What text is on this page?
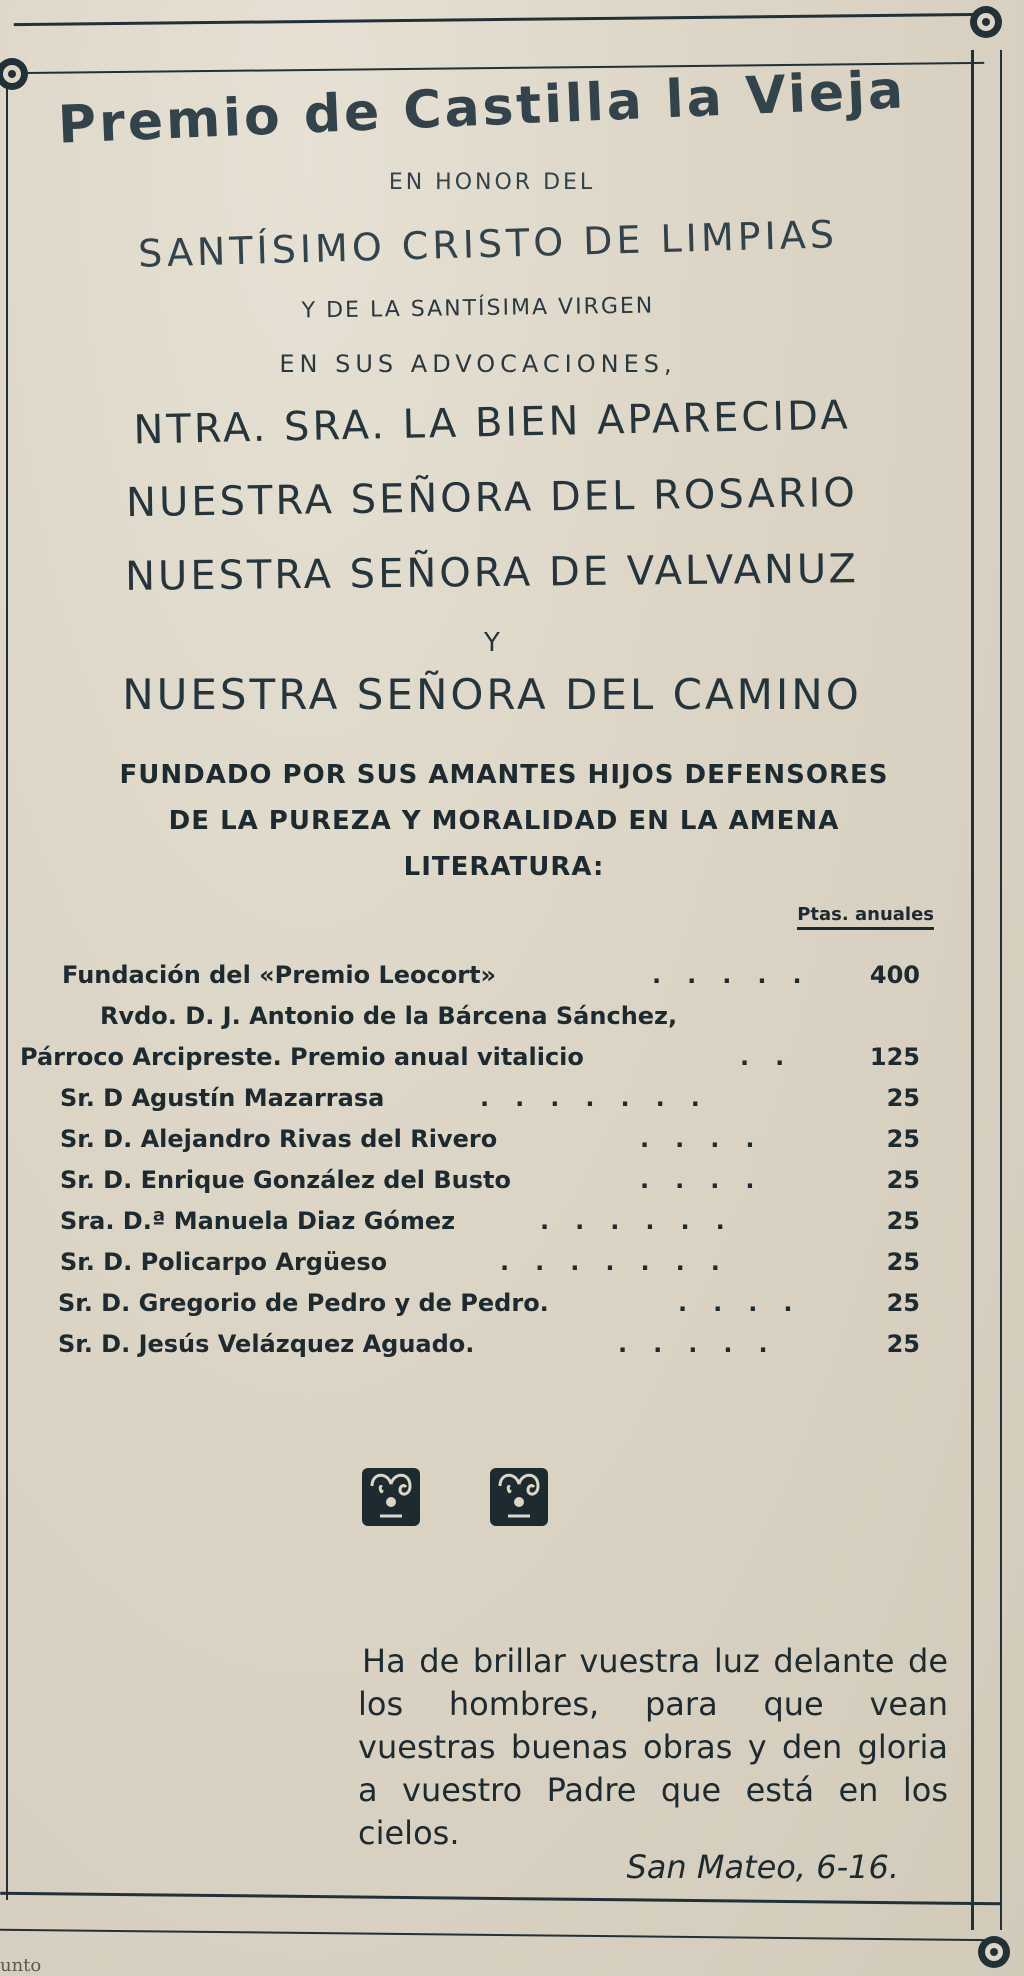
Premio de Castilla la Vieja
EN HONOR DEL
SANTÍSIMO CRISTO DE LIMPIAS
Y DE LA SANTÍSIMA VIRGEN
EN SUS ADVOCACIONES,
NTRA. SRA. LA BIEN APARECIDA
NUESTRA SEÑORA DEL ROSARIO
NUESTRA SEÑORA DE VALVANUZ
Y
NUESTRA SEÑORA DEL CAMINO
FUNDADO POR SUS AMANTES HIJOS DEFENSORES
DE LA PUREZA Y MORALIDAD EN LA AMENA
LITERATURA:
Ptas. anuales
Fundación del «Premio Leocort»	.....	400
Rvdo. D. J. Antonio de la Bárcena Sánchez,
Párroco Arcipreste. Premio anual vitalicio	..	125
Sr. D Agustín Mazarrasa	.......	25
Sr. D. Alejandro Rivas del Rivero	....	25
Sr. D. Enrique González del Busto	....	25
Sra. D.ª Manuela Diaz Gómez	......	25
Sr. D. Policarpo Argüeso	.......	25
Sr. D. Gregorio de Pedro y de Pedro.	....	25
Sr. D. Jesús Velázquez Aguado.	.....	25

Ha de brillar vuestra luz delante de los hombres, para que vean vuestras buenas obras y den gloria a vuestro Padre que está en los cielos.

San Mateo, 6-16.
unto
